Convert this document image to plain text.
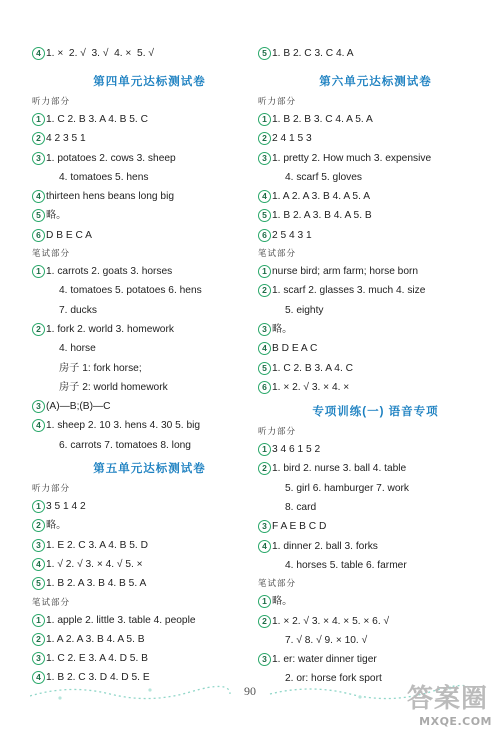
4 1. ×  2. √  3. √  4. ×  5. √
第四单元达标测试卷
听力部分
1 1. C 2. B 3. A 4. B 5. C
2 4 2 3 5 1
3 1. potatoes 2. cows 3. sheep
4. tomatoes 5. hens
4 thirteen hens beans long big
5 略。
6 D B E C A
笔试部分
1 1. carrots 2. goats 3. horses
4. tomatoes 5. potatoes 6. hens
7. ducks
2 1. fork 2. world 3. homework
4. horse
房子 1: fork horse;
房子 2: world homework
3 (A)—B;(B)—C
4 1. sheep 2. 10 3. hens 4. 30 5. big
6. carrots 7. tomatoes 8. long
第五单元达标测试卷
听力部分
1 3 5 1 4 2
2 略。
3 1. E 2. C 3. A 4. B 5. D
4 1. √ 2. √ 3. × 4. √ 5. ×
5 1. B 2. A 3. B 4. B 5. A
笔试部分
1 1. apple 2. little 3. table 4. people
2 1. A 2. A 3. B 4. A 5. B
3 1. C 2. E 3. A 4. D 5. B
4 1. B 2. C 3. D 4. D 5. E
5 1. B 2. C 3. C 4. A
第六单元达标测试卷
听力部分
1 1. B 2. B 3. C 4. A 5. A
2 2 4 1 5 3
3 1. pretty 2. How much 3. expensive
4. scarf 5. gloves
4 1. A 2. A 3. B 4. A 5. A
5 1. B 2. A 3. B 4. A 5. B
6 2 5 4 3 1
笔试部分
1 nurse bird; arm farm; horse born
2 1. scarf 2. glasses 3. much 4. size
5. eighty
3 略。
4 B D E A C
5 1. C 2. B 3. A 4. C
6 1. × 2. √ 3. × 4. ×
专项训练(一) 语音专项
听力部分
1 3 4 6 1 5 2
2 1. bird 2. nurse 3. ball 4. table
5. girl 6. hamburger 7. work
8. card
3 F A E B C D
4 1. dinner 2. ball 3. forks
4. horses 5. table 6. farmer
笔试部分
1 略。
2 1. × 2. √ 3. × 4. × 5. × 6. √
7. √ 8. √ 9. × 10. √
3 1. er: water dinner tiger
2. or: horse fork sport
90	答案圈
MXQE.COM
